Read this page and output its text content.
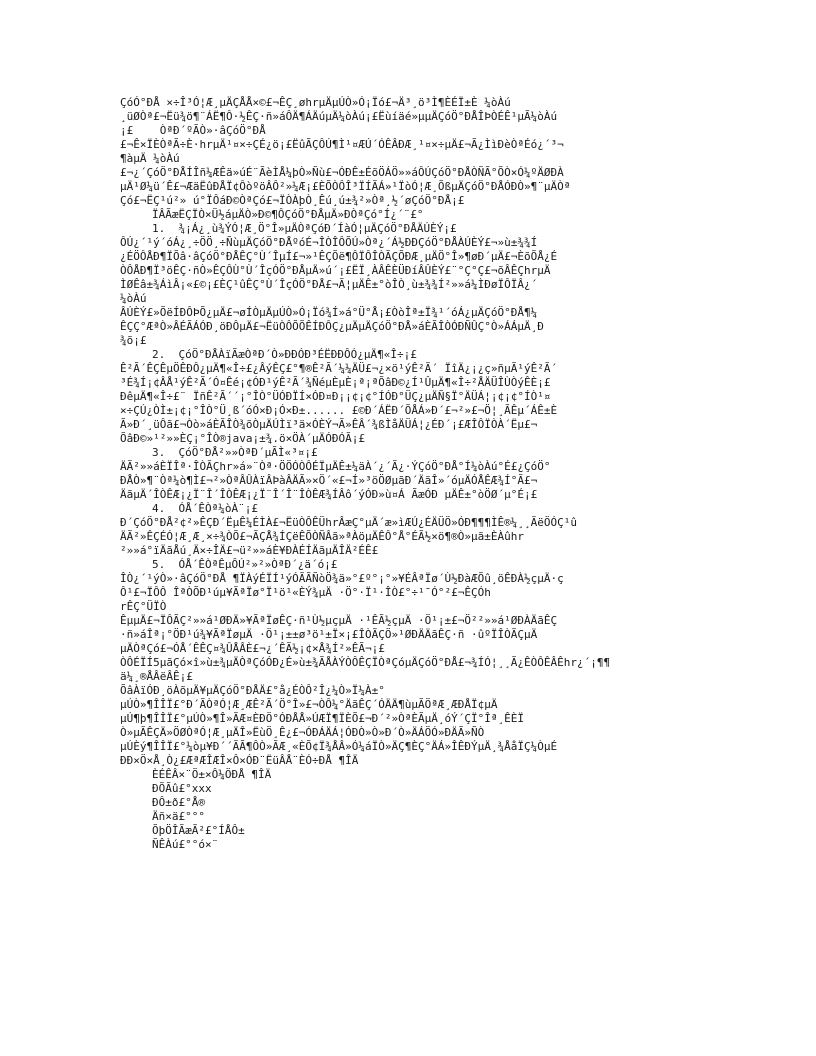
ÇóÓ°ÐÅ ×÷Î³Ó¦Æ¸µÄÇÅÅ×©£¬ÊÇ¸øhrµÄµÚÒ»Ó¡Ïó£¬Ä³¸ö³Ì¶ÈÉÏ±È ¼òÀú
¸üØÒª£¬Ëü¾ö¶¨ÁË¶Ô·½ÊÇ·ñ»áÔÄ¶ÁÄúµÄ¼òÀú¡£Ëùíäé»µµÄÇóÖ°ÐÅÎÞÒÉÊ¹µÃ¼òÀú
¡£    ÒªÐ´ºÃÒ»·âÇóÖ°ÐÅ
£¬Ê×ÏÈÒªÃ÷È·hrµÄ¹¤×÷ÇÉ¿ö¡£ËûÃÇÔÚ¶Ì¹¤ÆÚ´ÓÊÂÐÆ¸¹¤×÷µÄ£¬Ã¿ÌìÐèÒªÉó¿´³¬
¶àµÄ ¼òÀú
£¬¿´ÇóÖ°ÐÅÍÎñ¼ÆÊä»úÉ¨ÃèÌÅ¼þÒ»Ñù£¬ÓÐÊ±ÉõÖÁÖ»»áÔÚÇóÖ°ÐÅÒÑÃ°ÕÒ×Ó¼ºÄØÐÀ
µÄ¹Ø¼ü´Ê£¬ÆäËûÐÅÏ¢ÔòºöÂÔ²»¼Æ¡£ÈÕÒÔÎ³ÏÍÃÁ»¹ÏòÓ¦Æ¸ÕßµÄÇóÖ°ÐÅÓÐÒ»¶¨µÄÒª
Çó£¬ËÇ¹ú²» ú°ÏÔáÐ©ÒªÇó£¬ÏÒÀþÒ¸Êú¸ú±¾²»Òª¸½´øÇóÖ°ÐÅ¡£
ÏÂÃæËÇÏÒ×Ü½áµÄÒ»Ð©¶ÔÇóÖ°ÐÅµÄ»ÐÒªÇó°Í¿´¨£°
1.  ¾¡Á¿¸ù¾ÝÓ¦Æ¸Ö°Î»µÄÒªÇóÐ´ÍàÓ¦µÄÇóÖ°ÐÅÄÚÈÝ¡£
ÔÚ¿´¹ý´óÁ¿¸÷ÖÖ¸÷ÑùµÄÇóÖ°ÐÅºóÉ¬ÎÒÎÔÕÚ»Òª¿´Á½ÐÐÇóÖ°ÐÅÀÚÈÝ£¬»ù±¾¾Í
¿ÉÖÔÅÐ¶ÏÕâ·âÇóÖ°ÐÅÊÇ°Ù´ÎµÍ£¬»¹ÊÇÕë¶ÔÏÔÎÒÃÇÕÐÆ¸µÄÖ°Î»¶øÐ´µÄ£¬ÈõÕÅ¿É
ÒÔÅÐ¶Ï³öÊÇ·ñÒ»ÊÇÔÙ°Ù´ÎçÓÖ°ÐÅµÄ»ú´¡£ËÏ¸ÀÂÊÈÜÐíÂÛÈÝ£¨°Ç°Ç£¬õÂÊÇhrµÄ
ÌØÊâ±¾ÁìÂ¡«£©¡£ÈÇ¹ûÊÇ°Ù´ÎçÓÖ°ÐÅ£¬Ã¦µÄÊ±°òÎÒ¸ù±¾¾Í²»»á¼ÌÐøÏÔÏÂ¿´
¼òÀú
ÂÚÈÝ£»ÕëÍÐÔÞÕ¿µÄ£¬øÍÒµÄµÚÒ»Ó¡Ïó¾Í»á°Ü°Å¡£ÒòÎª±Ï¾¹´óÁ¿µÄÇóÖ°ÐÅ¶¼
ÊÇÇ°ÆªÒ»ÂÉÃÁÓÐ¸öÐÔµÄ£¬ËüÒÔÕÕÊÍÐÔÇ¿µÄµÄÇóÖ°ÐÅ»áÈÃÎÒÓÐÑÛÇ°Ò»ÁÁµÄ¸Ð
¾õ¡£
2.  ÇóÖ°ÐÅÀïÃæÒªÐ´Ò»ÐÐÓÐ³ÉËÐÐÔÓ¿µÄ¶«Î÷¡£
Ê²Ã´ÊÇÊµÖÊÐÔ¿µÄ¶«Î÷£¿ÂýÊÇ£°¶®Ê²Ã´¼¼ÄÜ£¬¿×ö¹ýÊ²Ã´ ÏîÄ¿¡¿ç»ñµÃ¹ýÊ²Ã´
³É¾Í¡¢ÂÅ¹ýÊ²Ã´Ó¤Êé¡¢ÓÐ¹ýÊ²Ã´¾ÑéµÈµÈ¡ª¡ªÕâÐ©¿Í¹ÛµÄ¶«Î÷²ÅÄÜÎÙÒýÊÈ¡£
ÐêµÄ¶«Î÷£¨ ÏñÊ²Ã´´¡°ÎÒ°ÜÓÐÏÍ×ÓÐ¤Ð¡¡¢¡¢°ÍÓÐ°ÜÇ¿µÄÑ§Ï°ÄÜÁ¦¡¢¡¢°ÍÒ¹¤
×÷ÇÚ¿ÒÌ±¡¢¡°ÎÒ°Ü¸ß´óÓ×Ð¡Ó×Ð±...... £©Ð´ÁËÐ´ÕÅÁ»Ð´£¬²»£¬Ö¦¸ÃÊµ´ÁÊ±È
Ã»Ð´¸üÔã£¬Òò»áÈÃÎÒ¾õÒµÄÚÌï³ä×ÓÈÝ¬Ã»ÊÂ´¾ßÌåÄÜÁ¦¿ÉÐ´¡£ÆÎÔÏÒÀ´Ëµ£¬
ÕâÐ©»¹²»»ÈÇ¡°ÎÒ®java¡±¾.ö×ÖÀ´µÄÓÐÓÃ¡£
3.  ÇóÖ°ÐÅ²»»ÒªÐ´µÃÌ«³¤¡£
ÄÃ²»»áÈÏÎª·ÎÒÃÇhr»á»¨Òª·ÖÖÓÒÔÉÏµÄÊ±¼äÀ´¿´Ã¿·ÝÇóÖ°ÐÅ°Í¼òÀú°É£¿ÇóÖ°
ÐÅÒ»¶¨Òª¼ò¶Ì£¬²»ÒªÂÛÀïÂÞàÂÄÃ»×Ö´«£¬Í»³öÖØµãÐ´ÄãÎ»´óµÄÓÅÊÆ¾Í°Ã£¬
ÄãµÄ´ÎÒÊÆ¡¿Ï¨Î´ÎÒÊÆ¡¿Ï¨Î´Î¨ÎÒÊÆ¾ÍÂô´ýÓÐ»ù¤Á ÃæÓÐ µÄÊ±°òÖØ´µ°É¡£
4.  ÓÅ´ÊÒª¼òÀ¨¡£
Ð´ÇóÖ°ÐÅ²¢²»ÊÇÐ´ËµÊ¼ÉÌÀ£¬ËüÒÔÊÜhrÂæÇ°µÄ´æ»ìÆÚ¿ÉÄÜÖ»ÓÐ¶¶¶ÌÊ®¼¸¸ÃëÖÓÇ¹û
ÄÃ²»ÊÇÉÓ¦Æ¸Æ¸×÷¾ÒÕ£¬ÃÇÅ¾ÍÇëÊÕÒÑÂã»ªÀöµÄÊÔ°Å°ÉÃ½×ö¶®Ò»µã±ÈÀûhr
²»»á°ïÄãÅú¸Ä×÷ÎÄ£¬ü²»»áÈ¥ÐÀÉÍÄãµÄÎÄ²ÉÊ£
5.  ÓÅ´ÊÒªÊµÔÚ²»²»ÒªÐ´¿ä´ó¡£
ÎÒ¿´¹ýÒ»·âÇóÖ°ÐÅ ¶ÏÀýÉÏÍ¹ýÓÃÃÑòÖ¾ä»°£º°¡°»¥ÉÂªÏø´Ù½ÐàÆÕû¸öÊÐÀ½çµÄ·ç
Ô¹£¬ÏÔÔ ÎªÒÕÐ¹úµ¥ÃªÏø°Ï¹ö¹«ÈÝ¾µÄ ·Ö°·Ï¹·ÎÒ£°÷¹¯Ó°²£¬ÊÇÓh
rÊÇ°ÜÏÒ
ÊµµÄ£¬ÏÔÃÇ²»»á¹ØÐÄ»¥ÃªÏøÊÇ·ñ¹Ù½µçµÄ ·¹ÊÃ½çµÄ ·Ö¹¡±£¬Ö²²»»á¹ØÐÀÄãÊÇ
·ñ»áÎª¡°ÖÐ¹ú¾¥ÃªÏøµÄ ·Ö¹¡±±ø³ö¹±Ï×¡£ÎÒÃÇÖ»¹ØÐÄÄãÊÇ·ñ ·ûºÏÎÒÃÇµÄ
µÄÒªÇó£¬ÓÅ´ÊÊÇ¤¾ÛÅÂÈ£¬¿´ÊÃ½¡¢×Å¾Í²»ÊÃ¬¡£
ÒÔÉÏÍ5µãÇó×î»ù±¾µÄÒªÇóÓÐ¿É»ù±¾ÃÅÀÝÒÔÊÇÏÒªÇóµÄÇóÖ°ÐÅ£¬¾ÍÓ¦¸¸Ã¿ÊÒÔÊÂÊhr¿´¡¶¶
ä¼¸®ÅÂëÂÊ¡£
ÕâÀïÓÐ¸öÀõµÄ¥µÄÇóÖ°ÐÅÄ£°å¿ÉÒÔ²Î¿¼Ò»Ï¼À±°
µÚÒ»¶ÎÎÏ£°Ð´ÃÒªÓ¦Æ¸ÆÊ²Ã´Ö°Î»£¬ÒÔ¼°ÄãÊÇ´ÓÄÄ¶ùµÃÖªÆ¸ÆÐÅÏ¢µÄ
µÚ¶þ¶ÎÎÏ£°µÚÒ»¶Î»ÃÆ¤ÈÐÖ°ÓÐÅÅ»ÚÆÏ¶ÏÈÕ£¬Ð´²»ÒªÈÃµÄ¸óÝ´ÇÏ°Îª¸ÊÈÏ
Ò»µÃÊÇÄ»ÖØÒªÓ¦Æ¸µÄÎ»ËùÖ¸Ê¿£¬ÓÐÁÄÁ¦ÓÐÒ»Ò»Ð´Ò»ÄÁÖÓ»ÐÄÃ»ÑÒ
µÚÈý¶ÎÎÏ£°¼òµ¥Ð´´ÃÃ¶ÔÒ»ÃÆ¸«ÈÕ¢Ï¾ÅÂ»Ó¼áÏÒ»ÄÇ¶ÈÇ°ÄÁ»ÎÊÐÝµÄ¸¾ÅåÏÇ¼ÒµÉ
ÐÐ×Ö×Å¸Ò¿£ÆªÆÎÆÎ×Ô×ÓÐ¨ËüÂÅ¨ÈÓ÷ÐÅ ¶ÎÄ
ÈÉÊÂ×¨Ö±×Ô¼ÖÐÅ ¶ÎÄ
ÐÕÃû£°xxx
ÐÔ±ð£°Å®
Äñ×ä£°°°
ÕþÖÎÃæÃ²£°ÍÅÔ±
ÑÊÀú£°°ó×¨
